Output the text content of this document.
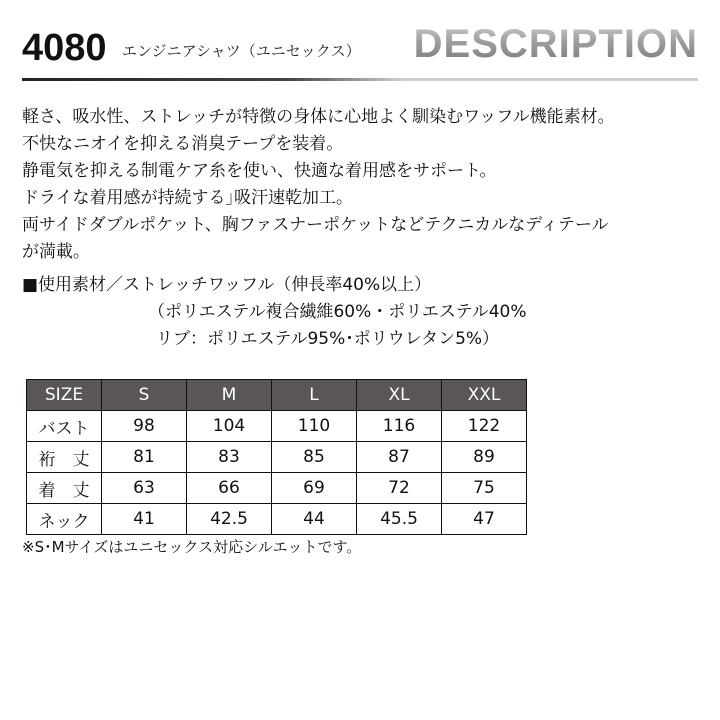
4080 エンジニアシャツ（ユニセックス） DESCRIPTION
軽さ、吸水性、ストレッチが特徴の身体に心地よく馴染むワッフル機能素材。
不快なニオイを抑える消臭テープを装着。
静電気を抑える制電ケア糸を使い、快適な着用感をサポート。
ドライな着用感が持続する｣吸汗速乾加工。
両サイドダブルポケット、胸ファスナーポケットなどテクニカルなディテール
が満載。
■使用素材／ストレッチワッフル（伸長率40%以上）
（ポリエステル複合繊維60%・ポリエステル40%
リブ：ポリエステル95%･ポリウレタン5%）
SIZE	S	M	L	XL	XXL
バスト	98	104	110	116	122
裄　丈	81	83	85	87	89
着　丈	63	66	69	72	75
ネック	41	42.5	44	45.5	47
※S･Mサイズはユニセックス対応シルエットです。
